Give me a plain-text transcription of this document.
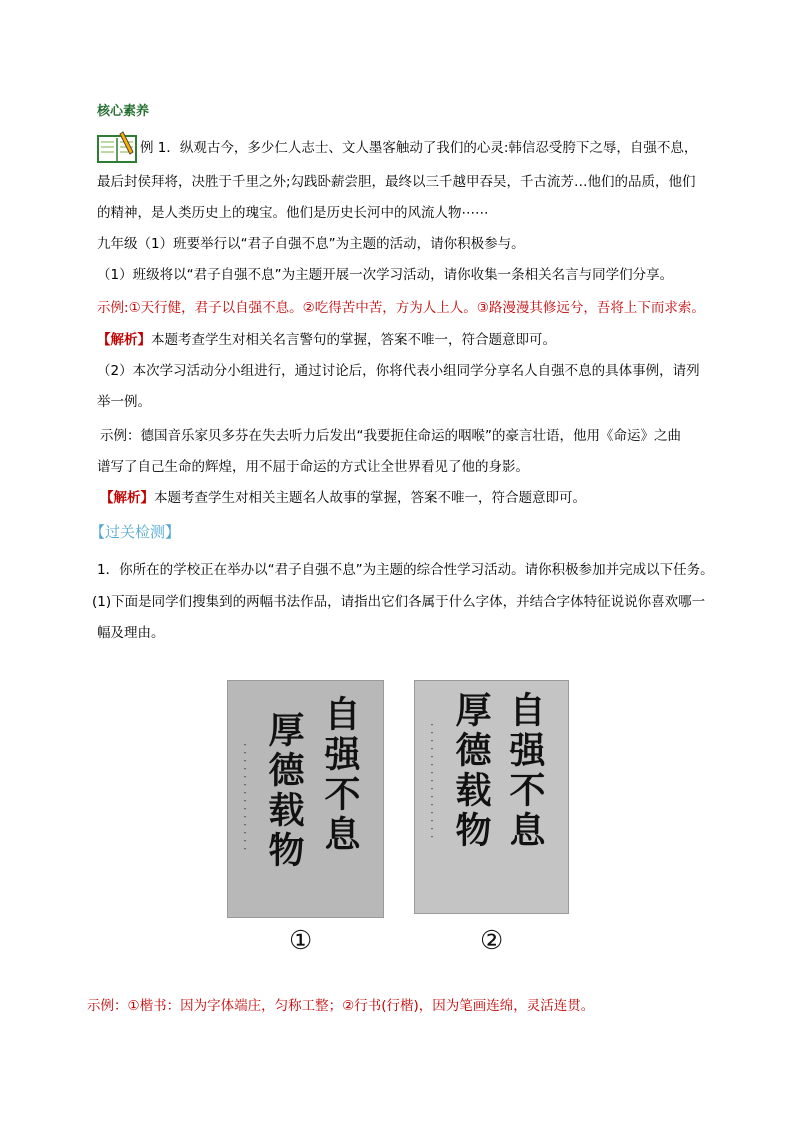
核心素养
例 1．纵观古今，多少仁人志士、文人墨客触动了我们的心灵:韩信忍受胯下之辱，自强不息，
最后封侯拜将，决胜于千里之外;勾践卧薪尝胆，最终以三千越甲吞吴，千古流芳…他们的品质，他们
的精神，是人类历史上的瑰宝。他们是历史长河中的风流人物⋯⋯
九年级（1）班要举行以“君子自强不息”为主题的活动，请你积极参与。
（1）班级将以“君子自强不息”为主题开展一次学习活动，请你收集一条相关名言与同学们分享。
示例:①天行健，君子以自强不息。②吃得苦中苦，方为人上人。③路漫漫其修远兮，吾将上下而求索。
【解析】本题考查学生对相关名言警句的掌握，答案不唯一，符合题意即可。
（2）本次学习活动分小组进行，通过讨论后，你将代表小组同学分享名人自强不息的具体事例，请列
举一例。
示例：德国音乐家贝多芬在失去听力后发出“我要扼住命运的咽喉”的豪言壮语，他用《命运》之曲
谱写了自己生命的辉煌，用不屈于命运的方式让全世界看见了他的身影。
【解析】本题考查学生对相关主题名人故事的掌握，答案不唯一，符合题意即可。
【过关检测】
1．你所在的学校正在举办以“君子自强不息”为主题的综合性学习活动。请你积极参加并完成以下任务。
(1)下面是同学们搜集到的两幅书法作品，请指出它们各属于什么字体，并结合字体特征说说你喜欢哪一
幅及理由。
自强不息
厚德载物
・・・・・・・・・・・・・・
①
自强不息
厚德载物
・・・・・・・・・・・・・・・
②
示例：①楷书：因为字体端庄，匀称工整；②行书(行楷)，因为笔画连绵，灵活连贯。
